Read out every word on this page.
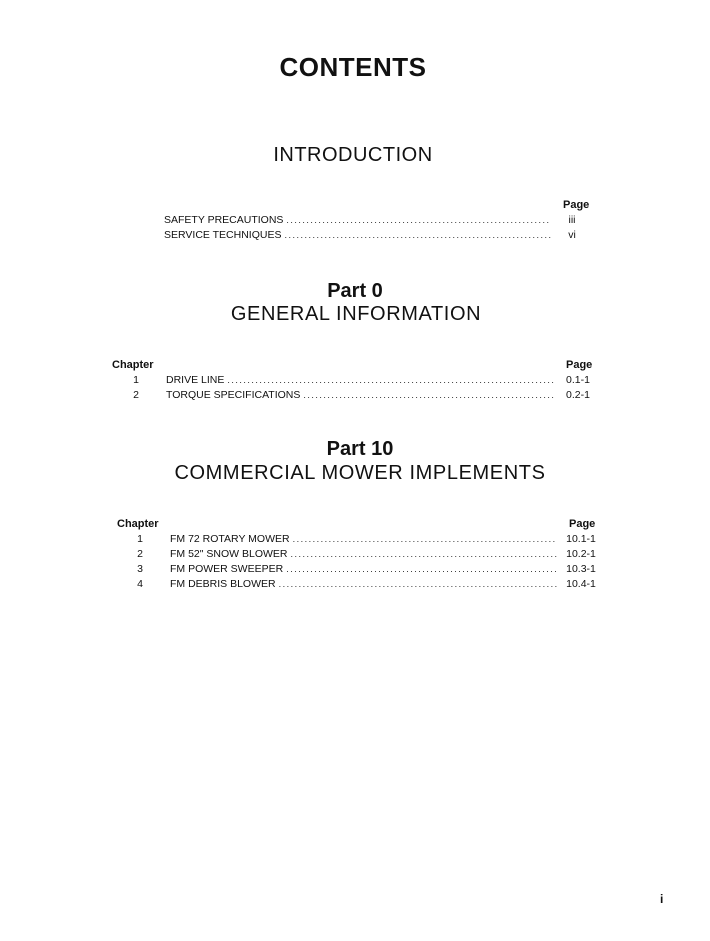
CONTENTS
INTRODUCTION
Page
SAFETY PRECAUTIONS .....	iii
SERVICE TECHNIQUES .....	vi
Part 0
GENERAL INFORMATION
Chapter	Page
1	DRIVE LINE .....	0.1-1
2	TORQUE SPECIFICATIONS .....	0.2-1
Part 10
COMMERCIAL MOWER IMPLEMENTS
Chapter	Page
1	FM 72 ROTARY MOWER .....	10.1-1
2	FM 52" SNOW BLOWER .....	10.2-1
3	FM POWER SWEEPER .....	10.3-1
4	FM DEBRIS BLOWER .....	10.4-1
i
